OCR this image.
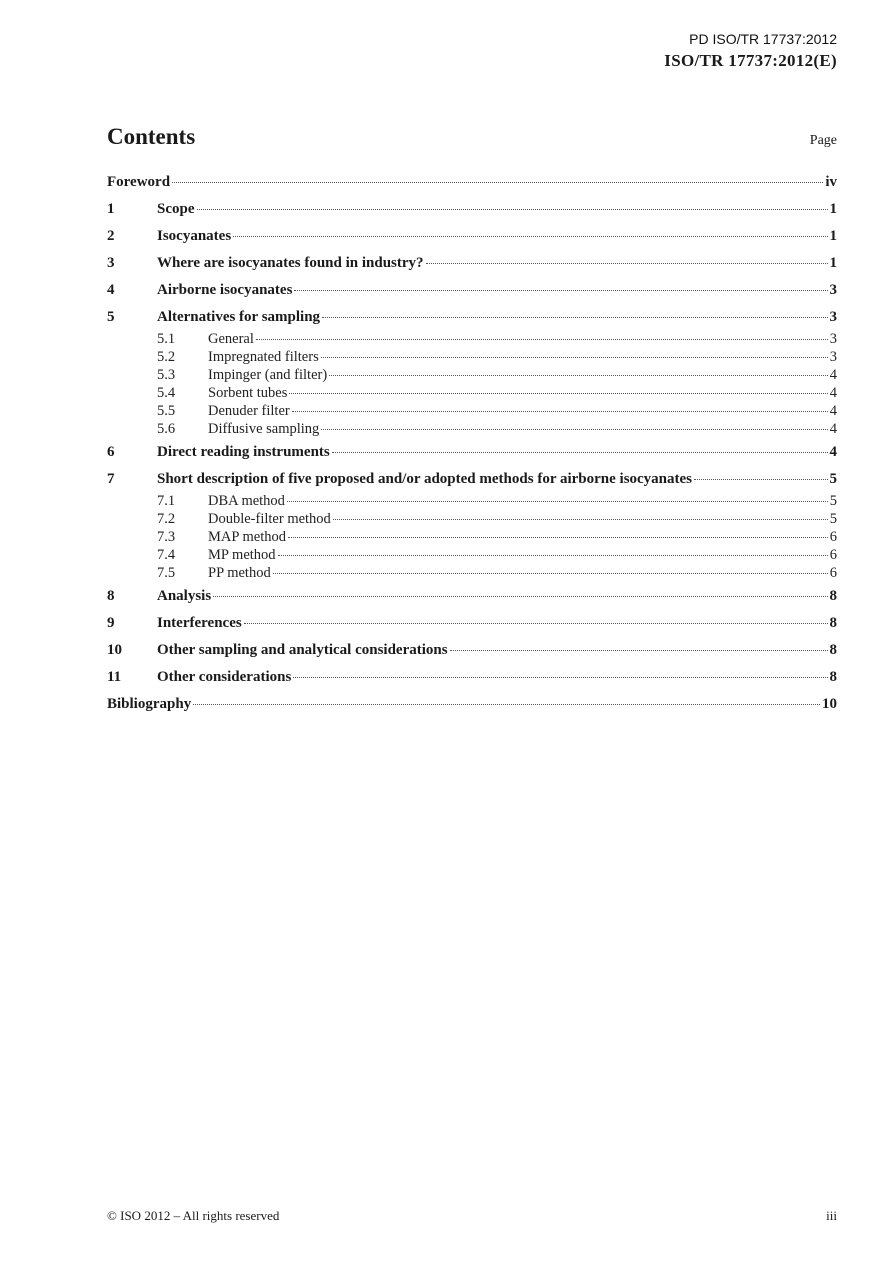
PD ISO/TR 17737:2012
ISO/TR 17737:2012(E)
Contents	Page
Foreword	iv
1	Scope	1
2	Isocyanates	1
3	Where are isocyanates found in industry?	1
4	Airborne isocyanates	3
5	Alternatives for sampling	3
5.1	General	3
5.2	Impregnated filters	3
5.3	Impinger (and filter)	4
5.4	Sorbent tubes	4
5.5	Denuder filter	4
5.6	Diffusive sampling	4
6	Direct reading instruments	4
7	Short description of five proposed and/or adopted methods for airborne isocyanates	5
7.1	DBA method	5
7.2	Double-filter method	5
7.3	MAP method	6
7.4	MP method	6
7.5	PP method	6
8	Analysis	8
9	Interferences	8
10	Other sampling and analytical considerations	8
11	Other considerations	8
Bibliography	10
© ISO 2012 – All rights reserved	iii
